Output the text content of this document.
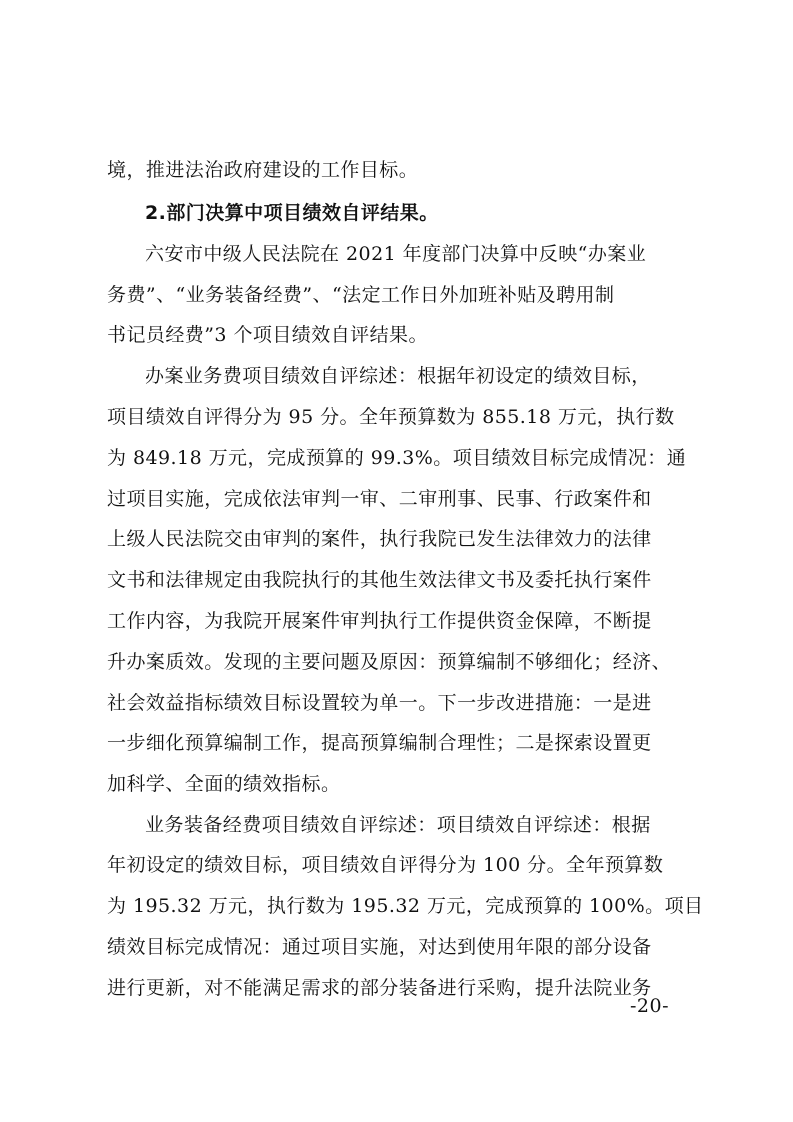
境，推进法治政府建设的工作目标。
2.部门决算中项目绩效自评结果。
六安市中级人民法院在 2021 年度部门决算中反映“办案业
务费”、“业务装备经费”、“法定工作日外加班补贴及聘用制
书记员经费”3 个项目绩效自评结果。
办案业务费项目绩效自评综述：根据年初设定的绩效目标，
项目绩效自评得分为 95 分。全年预算数为 855.18 万元，执行数
为 849.18 万元，完成预算的 99.3%。项目绩效目标完成情况：通
过项目实施，完成依法审判一审、二审刑事、民事、行政案件和
上级人民法院交由审判的案件，执行我院已发生法律效力的法律
文书和法律规定由我院执行的其他生效法律文书及委托执行案件
工作内容，为我院开展案件审判执行工作提供资金保障，不断提
升办案质效。发现的主要问题及原因：预算编制不够细化；经济、
社会效益指标绩效目标设置较为单一。下一步改进措施：一是进
一步细化预算编制工作，提高预算编制合理性；二是探索设置更
加科学、全面的绩效指标。
业务装备经费项目绩效自评综述：项目绩效自评综述：根据
年初设定的绩效目标，项目绩效自评得分为 100 分。全年预算数
为 195.32 万元，执行数为 195.32 万元，完成预算的 100%。项目
绩效目标完成情况：通过项目实施，对达到使用年限的部分设备
进行更新，对不能满足需求的部分装备进行采购，提升法院业务
-20-
